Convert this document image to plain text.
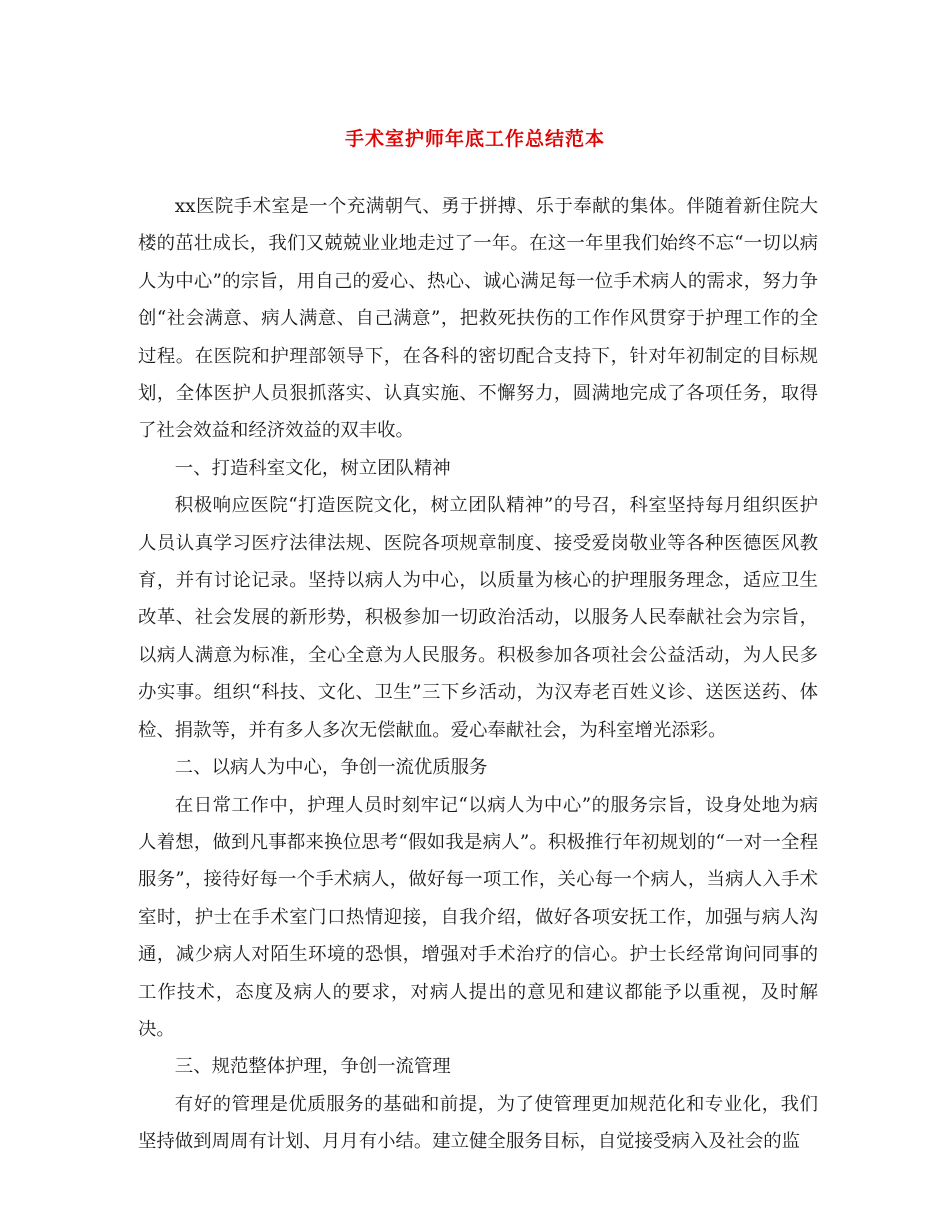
手术室护师年底工作总结范本

xx医院手术室是一个充满朝气、勇于拼搏、乐于奉献的集体。伴随着新住院大楼的茁壮成长，我们又兢兢业业地走过了一年。在这一年里我们始终不忘“一切以病人为中心”的宗旨，用自己的爱心、热心、诚心满足每一位手术病人的需求，努力争创“社会满意、病人满意、自己满意”，把救死扶伤的工作作风贯穿于护理工作的全过程。在医院和护理部领导下，在各科的密切配合支持下，针对年初制定的目标规划，全体医护人员狠抓落实、认真实施、不懈努力，圆满地完成了各项任务，取得了社会效益和经济效益的双丰收。

一、打造科室文化，树立团队精神

积极响应医院“打造医院文化，树立团队精神”的号召，科室坚持每月组织医护人员认真学习医疗法律法规、医院各项规章制度、接受爱岗敬业等各种医德医风教育，并有讨论记录。坚持以病人为中心，以质量为核心的护理服务理念，适应卫生改革、社会发展的新形势，积极参加一切政治活动，以服务人民奉献社会为宗旨，以病人满意为标准，全心全意为人民服务。积极参加各项社会公益活动，为人民多办实事。组织“科技、文化、卫生”三下乡活动，为汉寿老百姓义诊、送医送药、体检、捐款等，并有多人多次无偿献血。爱心奉献社会，为科室增光添彩。

二、以病人为中心，争创一流优质服务

在日常工作中，护理人员时刻牢记“以病人为中心”的服务宗旨，设身处地为病人着想，做到凡事都来换位思考“假如我是病人”。积极推行年初规划的“一对一全程服务”，接待好每一个手术病人，做好每一项工作，关心每一个病人，当病人入手术室时，护士在手术室门口热情迎接，自我介绍，做好各项安抚工作，加强与病人沟通，减少病人对陌生环境的恐惧，增强对手术治疗的信心。护士长经常询问同事的工作技术，态度及病人的要求，对病人提出的意见和建议都能予以重视，及时解决。

三、规范整体护理，争创一流管理

有好的管理是优质服务的基础和前提，为了使管理更加规范化和专业化，我们坚持做到周周有计划、月月有小结。建立健全服务目标，自觉接受病入及社会的监
